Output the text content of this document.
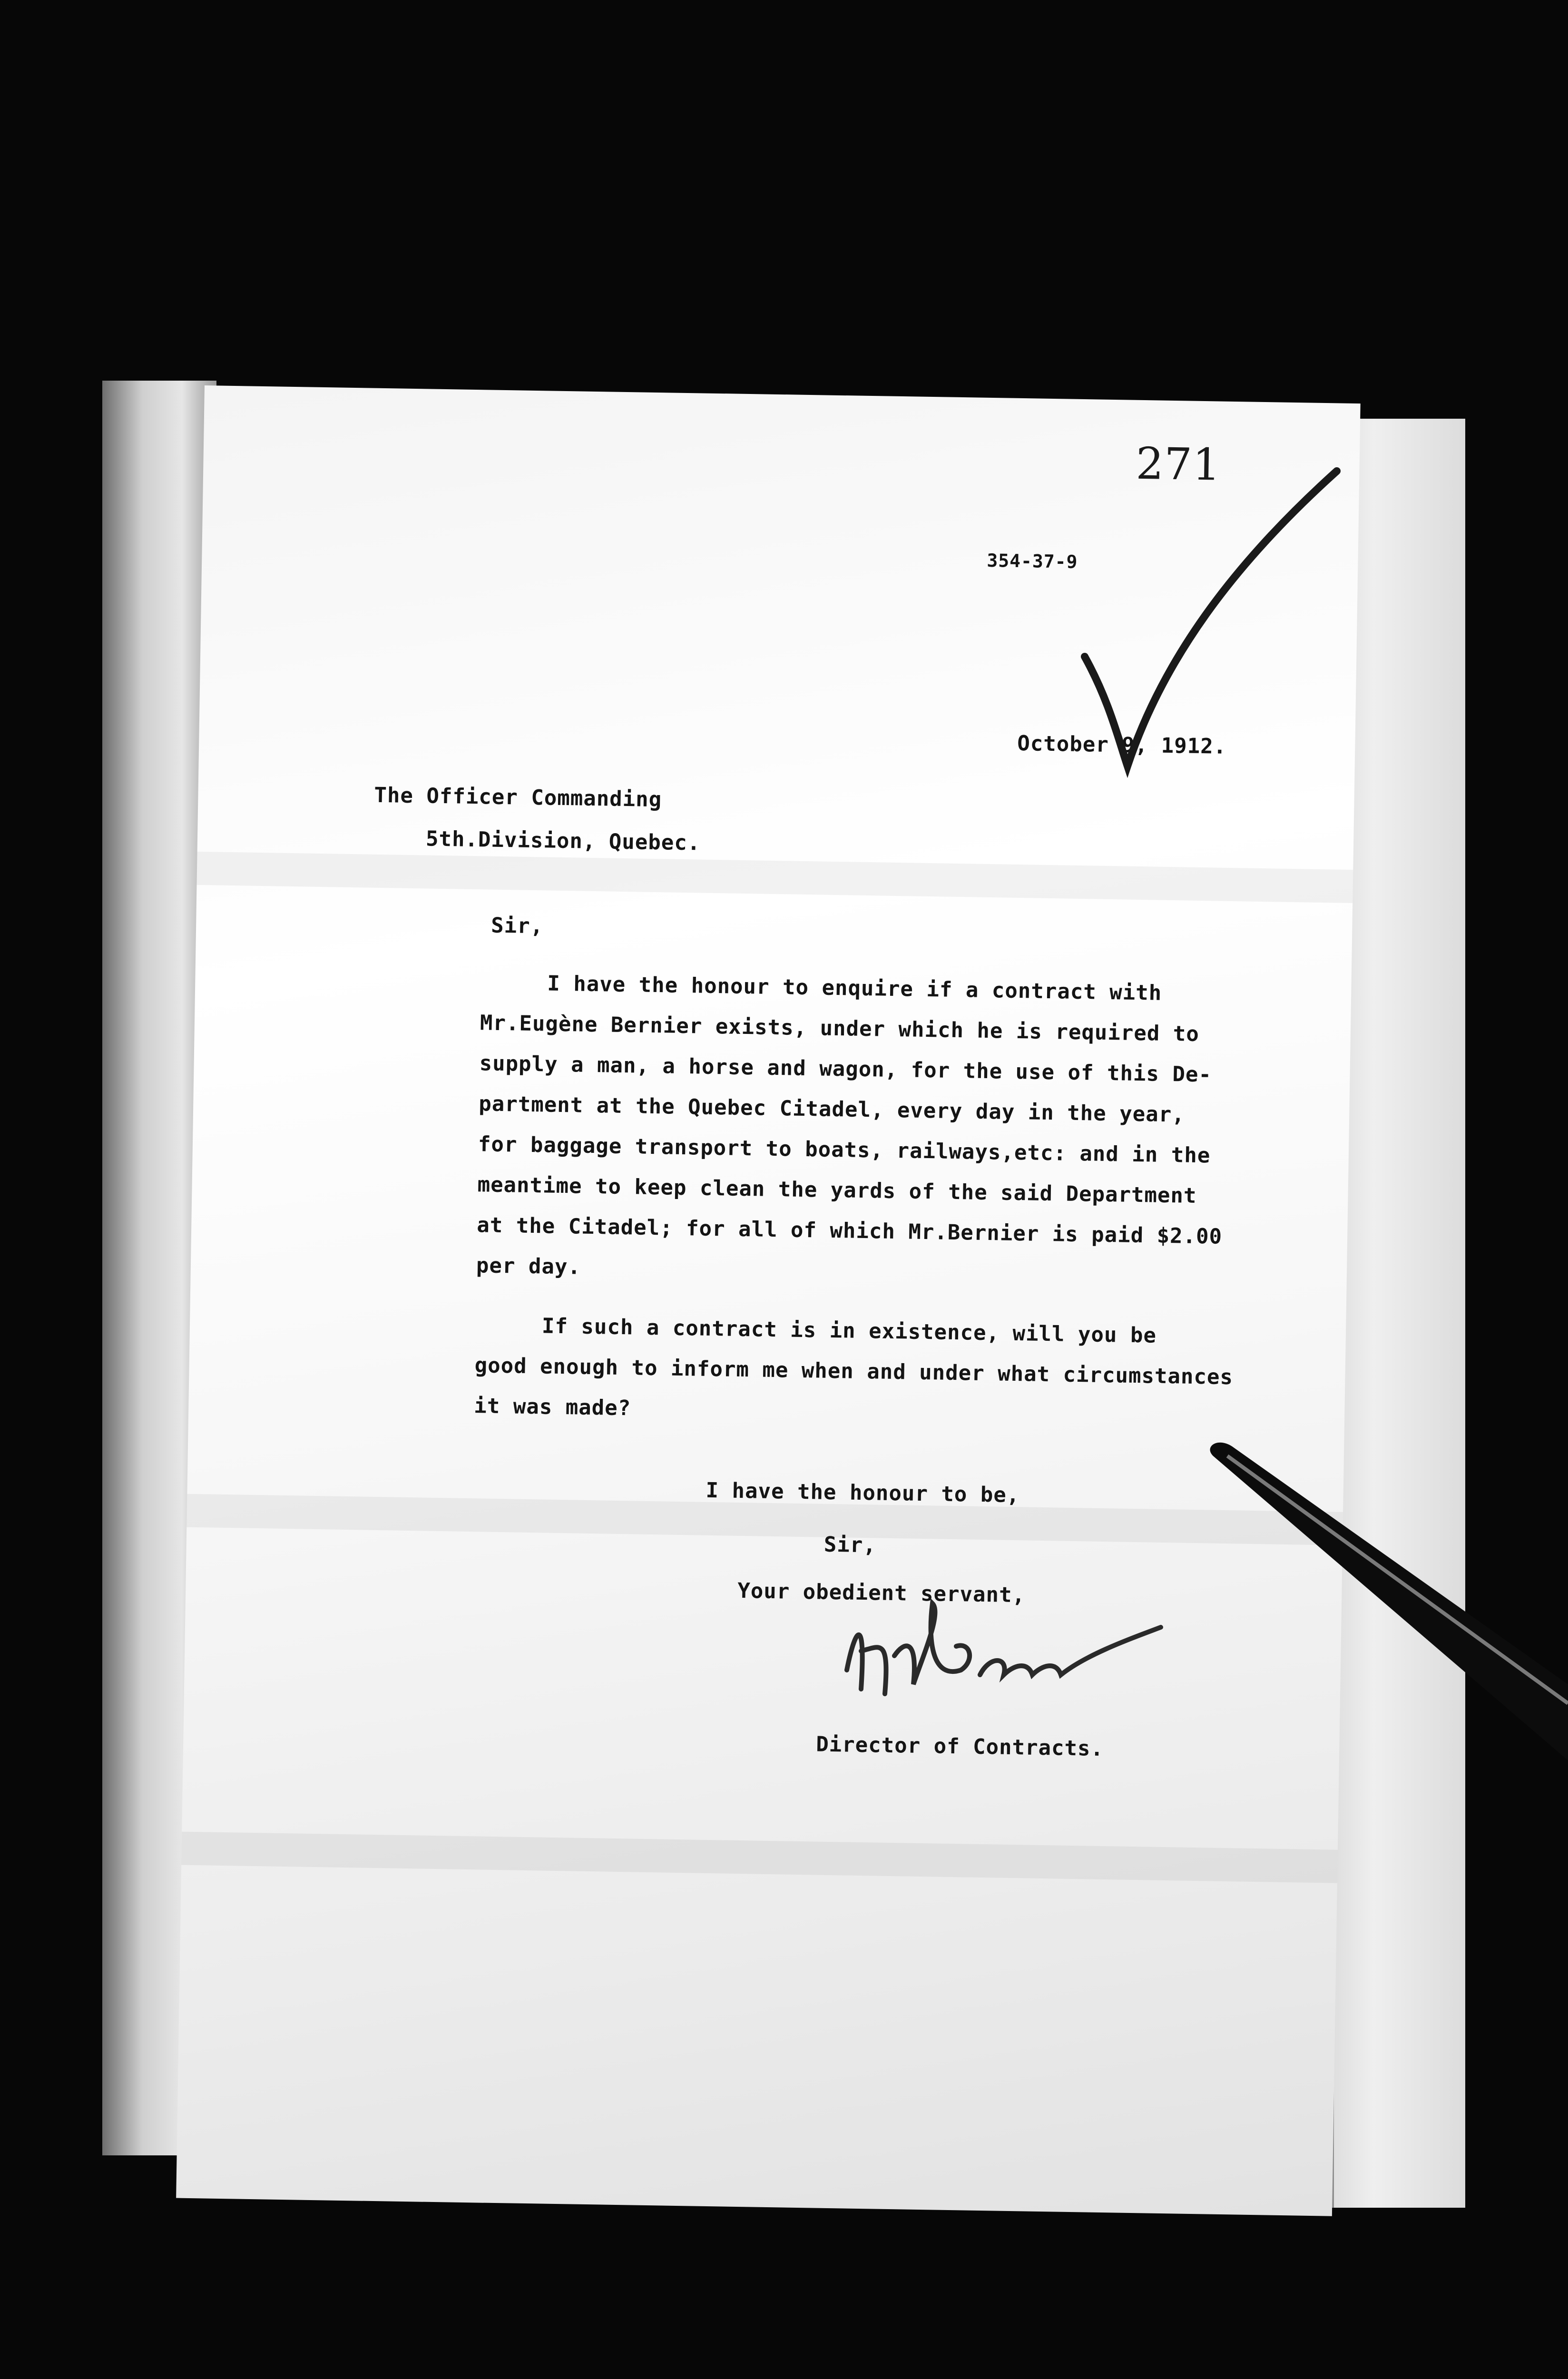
271
354-37-9
October 9, 1912.
The Officer Commanding
5th.Division, Quebec.
Sir,
I have the honour to enquire if a contract with
Mr.Eugène Bernier exists, under which he is required to
supply a man, a horse and wagon, for the use of this De-
partment at the Quebec Citadel, every day in the year,
for baggage transport to boats, railways,etc: and in the
meantime to keep clean the yards of the said Department
at the Citadel; for all of which Mr.Bernier is paid $2.00
per day.
If such a contract is in existence, will you be
good enough to inform me when and under what circumstances
it was made?
I have the honour to be,
Sir,
Your obedient servant,
Director of Contracts.
